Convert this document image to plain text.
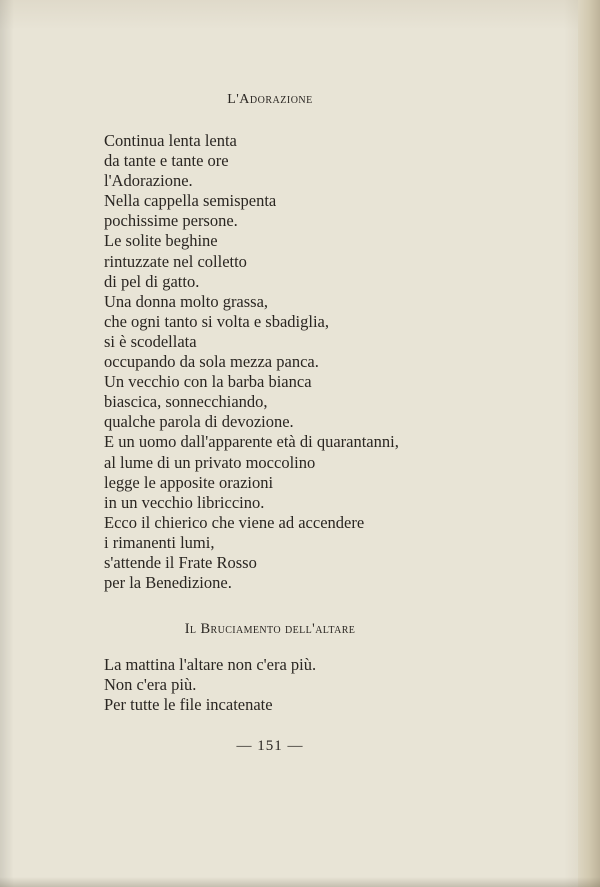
L'Adorazione
Continua lenta lenta
da tante e tante ore
l'Adorazione.
Nella cappella semispenta
pochissime persone.
Le solite beghine
rintuzzate nel colletto
di pel di gatto.
Una donna molto grassa,
che ogni tanto si volta e sbadiglia,
si è scodellata
occupando da sola mezza panca.
Un vecchio con la barba bianca
biascica, sonnecchiando,
qualche parola di devozione.
E un uomo dall'apparente età di quarantanni,
al lume di un privato moccolino
legge le apposite orazioni
in un vecchio libriccino.
Ecco il chierico che viene ad accendere
i rimanenti lumi,
s'attende il Frate Rosso
per la Benedizione.
Il Bruciamento dell'altare
La mattina l'altare non c'era più.
Non c'era più.
Per tutte le file incatenate
— 151 —
